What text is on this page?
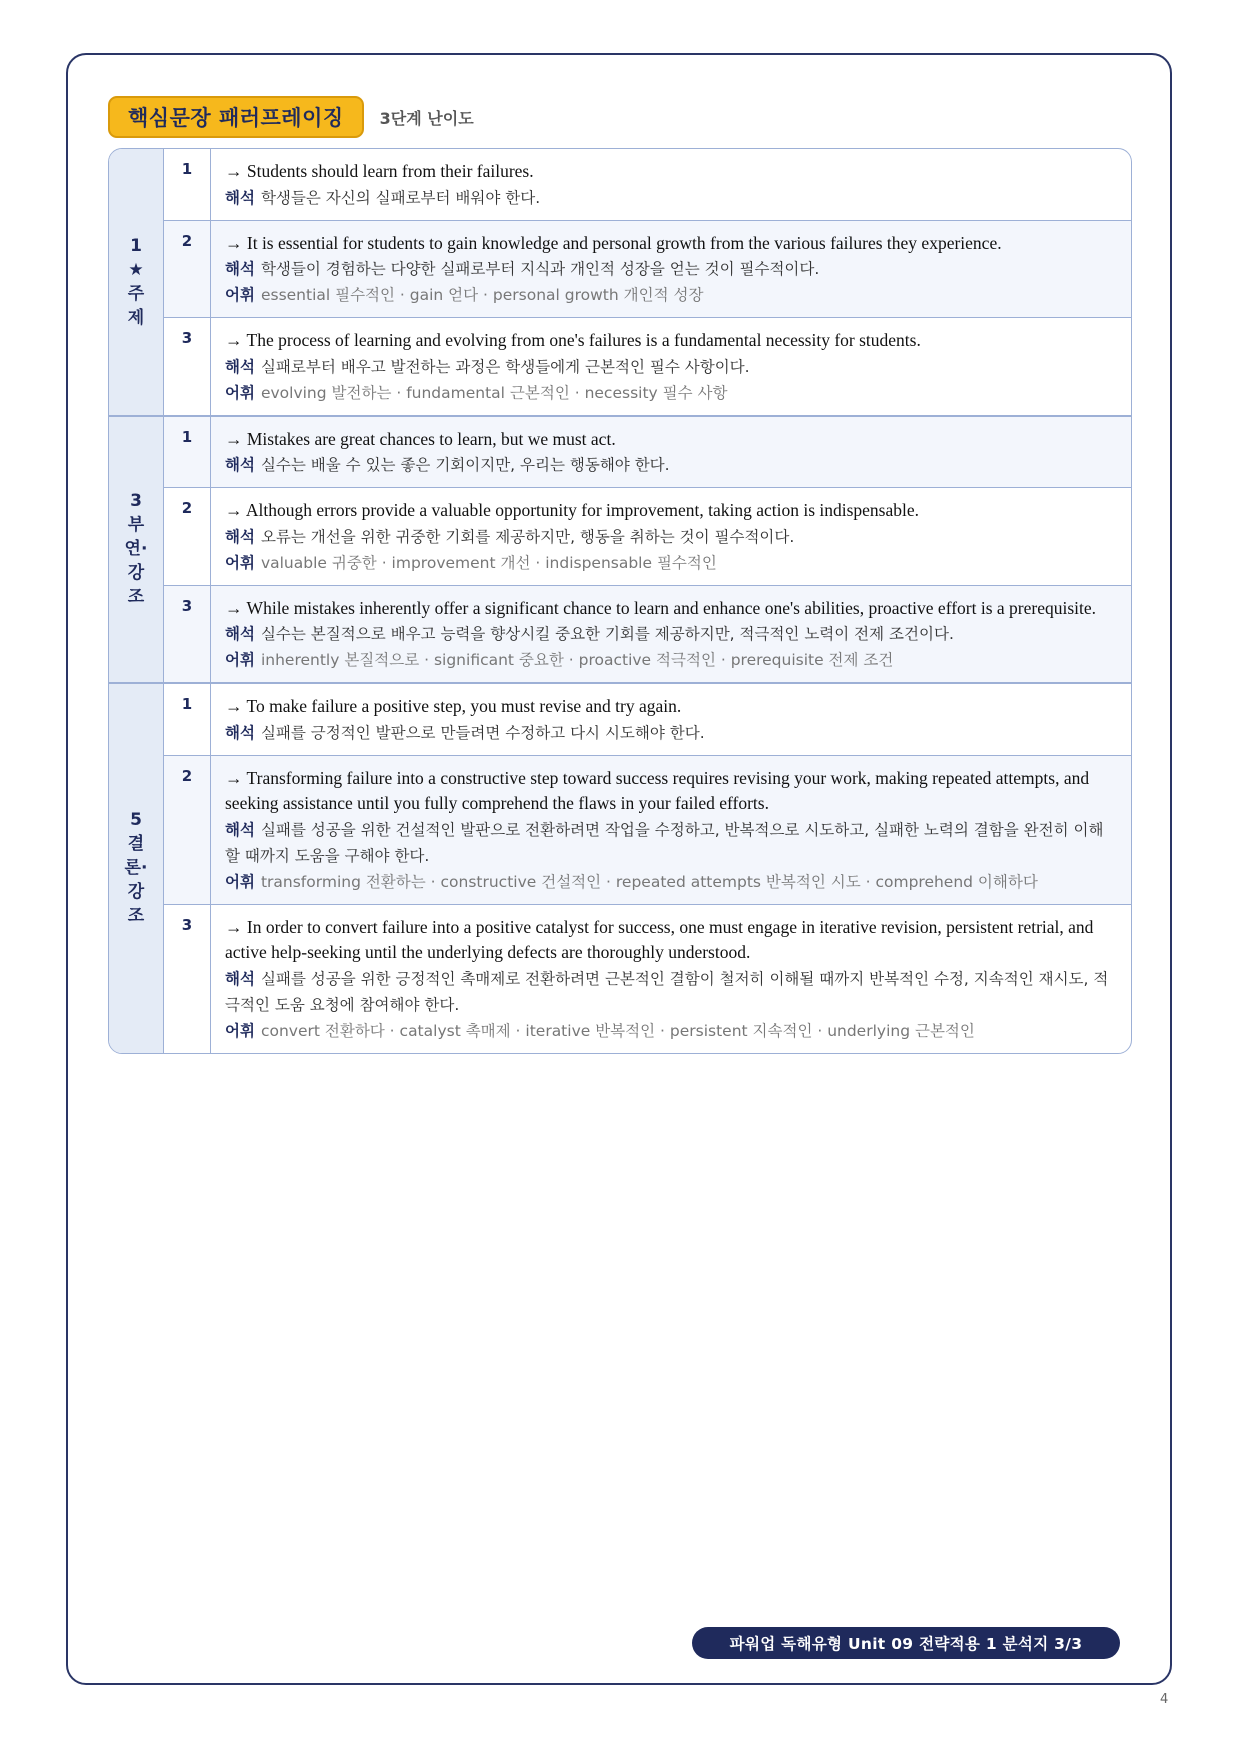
핵심문장 패러프레이징	3단계 난이도
1
★
주
제
1	→ Students should learn from their failures.
해석 학생들은 자신의 실패로부터 배워야 한다.
2	→ It is essential for students to gain knowledge and personal growth from the various failures they experience.
해석 학생들이 경험하는 다양한 실패로부터 지식과 개인적 성장을 얻는 것이 필수적이다.
어휘 essential 필수적인 · gain 얻다 · personal growth 개인적 성장
3	→ The process of learning and evolving from one's failures is a fundamental necessity for students.
해석 실패로부터 배우고 발전하는 과정은 학생들에게 근본적인 필수 사항이다.
어휘 evolving 발전하는 · fundamental 근본적인 · necessity 필수 사항
3
부
연·
강
조
1	→ Mistakes are great chances to learn, but we must act.
해석 실수는 배울 수 있는 좋은 기회이지만, 우리는 행동해야 한다.
2	→ Although errors provide a valuable opportunity for improvement, taking action is indispensable.
해석 오류는 개선을 위한 귀중한 기회를 제공하지만, 행동을 취하는 것이 필수적이다.
어휘 valuable 귀중한 · improvement 개선 · indispensable 필수적인
3	→ While mistakes inherently offer a significant chance to learn and enhance one's abilities, proactive effort is a prerequisite.
해석 실수는 본질적으로 배우고 능력을 향상시킬 중요한 기회를 제공하지만, 적극적인 노력이 전제 조건이다.
어휘 inherently 본질적으로 · significant 중요한 · proactive 적극적인 · prerequisite 전제 조건
5
결
론·
강
조
1	→ To make failure a positive step, you must revise and try again.
해석 실패를 긍정적인 발판으로 만들려면 수정하고 다시 시도해야 한다.
2	→ Transforming failure into a constructive step toward success requires revising your work, making repeated attempts, and seeking assistance until you fully comprehend the flaws in your failed efforts.
해석 실패를 성공을 위한 건설적인 발판으로 전환하려면 작업을 수정하고, 반복적으로 시도하고, 실패한 노력의 결함을 완전히 이해할 때까지 도움을 구해야 한다.
어휘 transforming 전환하는 · constructive 건설적인 · repeated attempts 반복적인 시도 · comprehend 이해하다
3	→ In order to convert failure into a positive catalyst for success, one must engage in iterative revision, persistent retrial, and active help-seeking until the underlying defects are thoroughly understood.
해석 실패를 성공을 위한 긍정적인 촉매제로 전환하려면 근본적인 결함이 철저히 이해될 때까지 반복적인 수정, 지속적인 재시도, 적극적인 도움 요청에 참여해야 한다.
어휘 convert 전환하다 · catalyst 촉매제 · iterative 반복적인 · persistent 지속적인 · underlying 근본적인
파워업 독해유형 Unit 09 전략적용 1 분석지 3/3
4
